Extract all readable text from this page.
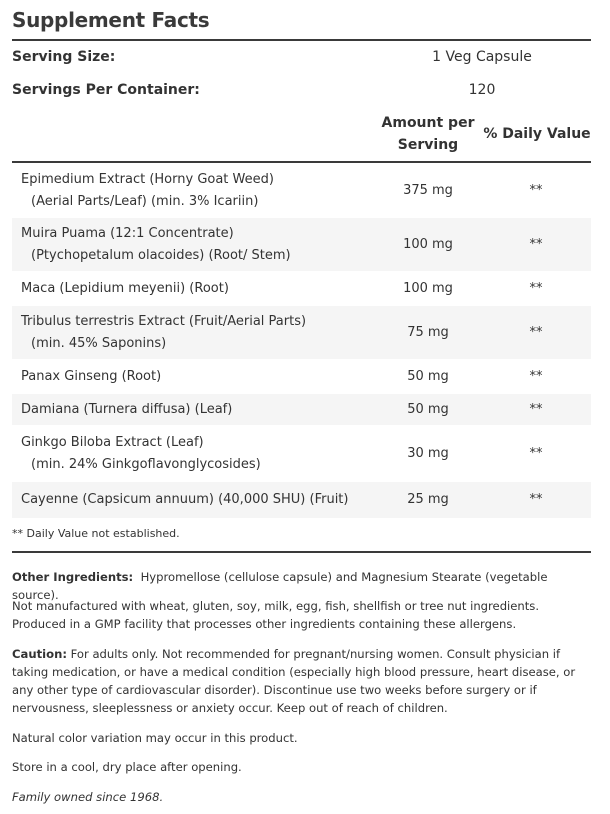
Supplement Facts
Serving Size:	1 Veg Capsule
Servings Per Container:	120
Amount per
Serving
% Daily Value
Epimedium Extract (Horny Goat Weed)
(Aerial Parts/Leaf) (min. 3% Icariin)
375 mg	**
Muira Puama (12:1 Concentrate)
(Ptychopetalum olacoides) (Root/ Stem)
100 mg	**
Maca (Lepidium meyenii) (Root)	100 mg	**
Tribulus terrestris Extract (Fruit/Aerial Parts)
(min. 45% Saponins)
75 mg	**
Panax Ginseng (Root)	50 mg	**
Damiana (Turnera diffusa) (Leaf)	50 mg	**
Ginkgo Biloba Extract (Leaf)
(min. 24% Ginkgoflavonglycosides)
30 mg	**
Cayenne (Capsicum annuum) (40,000 SHU) (Fruit)	25 mg	**
** Daily Value not established.
Other Ingredients: Hypromellose (cellulose capsule) and Magnesium Stearate (vegetable source).
Not manufactured with wheat, gluten, soy, milk, egg, fish, shellfish or tree nut ingredients. Produced in a GMP facility that processes other ingredients containing these allergens.
Caution: For adults only. Not recommended for pregnant/nursing women. Consult physician if taking medication, or have a medical condition (especially high blood pressure, heart disease, or any other type of cardiovascular disorder). Discontinue use two weeks before surgery or if nervousness, sleeplessness or anxiety occur. Keep out of reach of children.
Natural color variation may occur in this product.
Store in a cool, dry place after opening.
Family owned since 1968.
